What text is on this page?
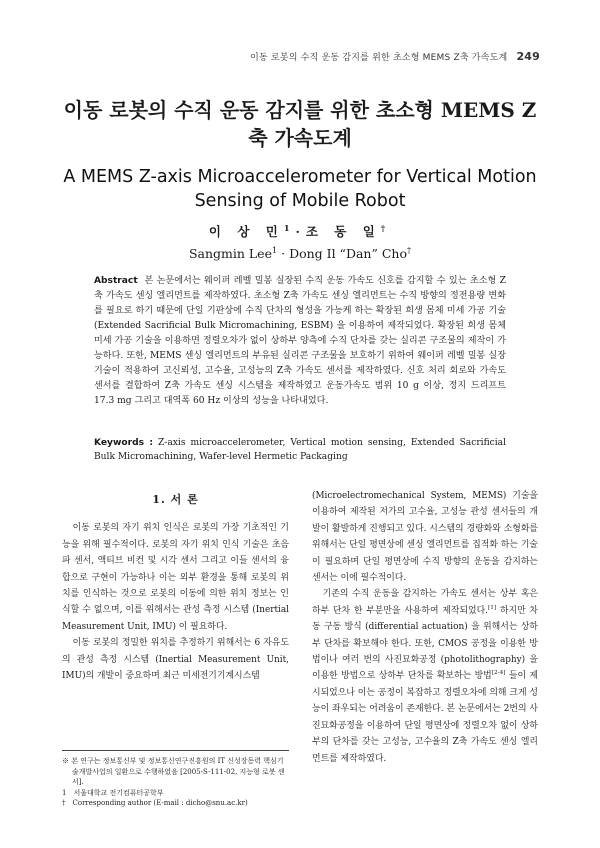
이동 로봇의 수직 운동 감지를 위한 초소형 MEMS Z축 가속도계 249
이동 로봇의 수직 운동 감지를 위한 초소형 MEMS Z축 가속도계
A MEMS Z-axis Microaccelerometer for Vertical Motion Sensing of Mobile Robot
이 상 민$^1$·조 동 일†
Sangmin Lee$^1$ · Dong Il “Dan” Cho†
Abstract 본 논문에서는 웨이퍼 레벨 밀봉 실장된 수직 운동 가속도 신호를 감지할 수 있는 초소형 Z축 가속도 센싱 엘리먼트를 제작하였다. 초소형 Z축 가속도 센싱 엘리먼트는 수직 방향의 정전용량 변화를 필요로 하기 때문에 단일 기판상에 수직 단차의 형성을 가능케 하는 확장된 희생 몸체 미세 가공 기술 (Extended Sacrificial Bulk Micromachining, ESBM) 을 이용하여 제작되었다. 확장된 희생 몸체 미세 가공 기술을 이용하면 정렬오차가 없이 상하부 양측에 수직 단차를 갖는 실리콘 구조물의 제작이 가능하다. 또한, MEMS 센싱 엘리먼트의 부유된 실리콘 구조물을 보호하기 위하여 웨이퍼 레벨 밀봉 실장 기술이 적용하여 고신뢰성, 고수율, 고성능의 Z축 가속도 센서를 제작하였다. 신호 처리 회로와 가속도 센서를 결합하여 Z축 가속도 센싱 시스템을 제작하였고 운동가속도 범위 10 g 이상, 정지 드리프트 17.3 mg 그리고 대역폭 60 Hz 이상의 성능을 나타내었다.
Keywords : Z-axis microaccelerometer, Vertical motion sensing, Extended Sacrificial Bulk Micromachining, Wafer-level Hermetic Packaging
1. 서 론

이동 로봇의 자기 위치 인식은 로봇의 가장 기초적인 기능을 위해 필수적이다. 로봇의 자기 위치 인식 기술은 초음파 센서, 액티브 비컨 및 시각 센서 그리고 이들 센서의 융합으로 구현이 가능하나 이는 외부 환경을 통해 로봇의 위치를 인식하는 것으로 로봇의 이동에 의한 위치 정보는 인식할 수 없으며, 이를 위해서는 관성 측정 시스템 (Inertial Measurement Unit, IMU) 이 필요하다.

이동 로봇의 정밀한 위치를 추정하기 위해서는 6 자유도의 관성 측정 시스템 (Inertial Measurement Unit, IMU)의 개발이 중요하며 최근 미세전기기계시스템

(Microelectromechanical System, MEMS) 기술을 이용하여 제작된 저가의 고수율, 고성능 관성 센서들의 개발이 활발하게 진행되고 있다. 시스템의 경량화와 소형화를 위해서는 단일 평면상에 센싱 엘리먼트를 집적화 하는 기술이 필요하며 단일 평면상에 수직 방향의 운동을 감지하는 센서는 이에 필수적이다.

기존의 수직 운동을 감지하는 가속도 센서는 상부 혹은 하부 단차 한 부분만을 사용하여 제작되었다.[1] 하지만 차동 구동 방식 (differential actuation) 을 위해서는 상하부 단차를 확보해야 한다. 또한, CMOS 공정을 이용한 방법이나 여러 번의 사진묘화공정 (photolithography) 을 이용한 방법으로 상하부 단차를 확보하는 방법[2-4] 들이 제시되었으나 이는 공정이 복잡하고 정렬오차에 의해 크게 성능이 좌우되는 어려움이 존재한다. 본 논문에서는 2번의 사진묘화공정을 이용하여 단일 평면상에 정렬오차 없이 상하부의 단차를 갖는 고성능, 고수율의 Z축 가속도 센싱 엘리먼트를 제작하였다.

※ 본 연구는 정보통신부 및 정보통신연구진흥원의 IT 신성장동력 핵심기술개발사업의 일환으로 수행하였음 [2005-S-111-02, 지능형 로봇 센서].
1　서울대학교 전기컴퓨터공학부
†　Corresponding author (E-mail : dicho@snu.ac.kr)
